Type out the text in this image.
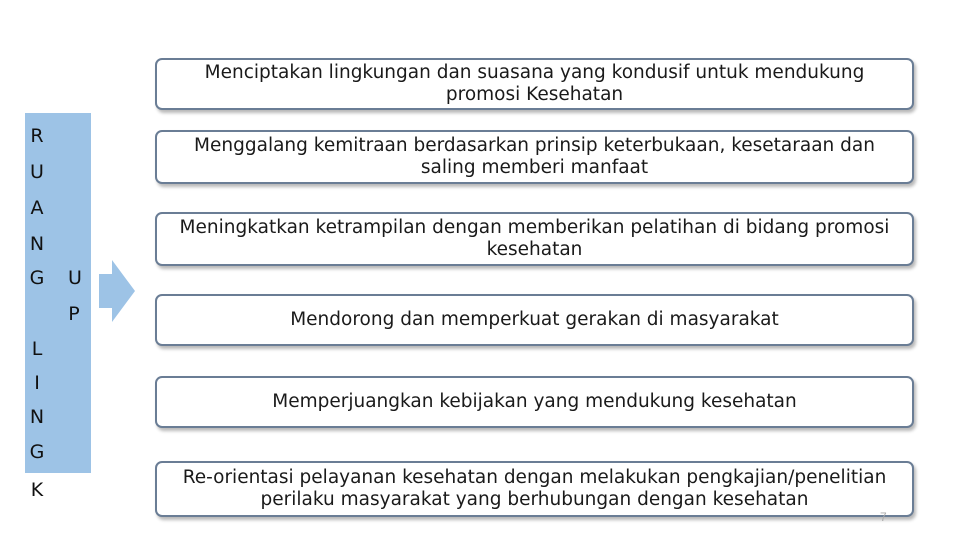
R
U
A
N
G U
P
L
I
N
G
K
Menciptakan lingkungan dan suasana yang kondusif untuk mendukung promosi Kesehatan
Menggalang kemitraan berdasarkan prinsip keterbukaan, kesetaraan dan saling memberi manfaat
Meningkatkan ketrampilan dengan memberikan pelatihan di bidang promosi kesehatan
Mendorong dan memperkuat gerakan di masyarakat
Memperjuangkan kebijakan yang mendukung kesehatan
Re-orientasi pelayanan kesehatan dengan melakukan pengkajian/penelitian perilaku masyarakat yang berhubungan dengan kesehatan
7
